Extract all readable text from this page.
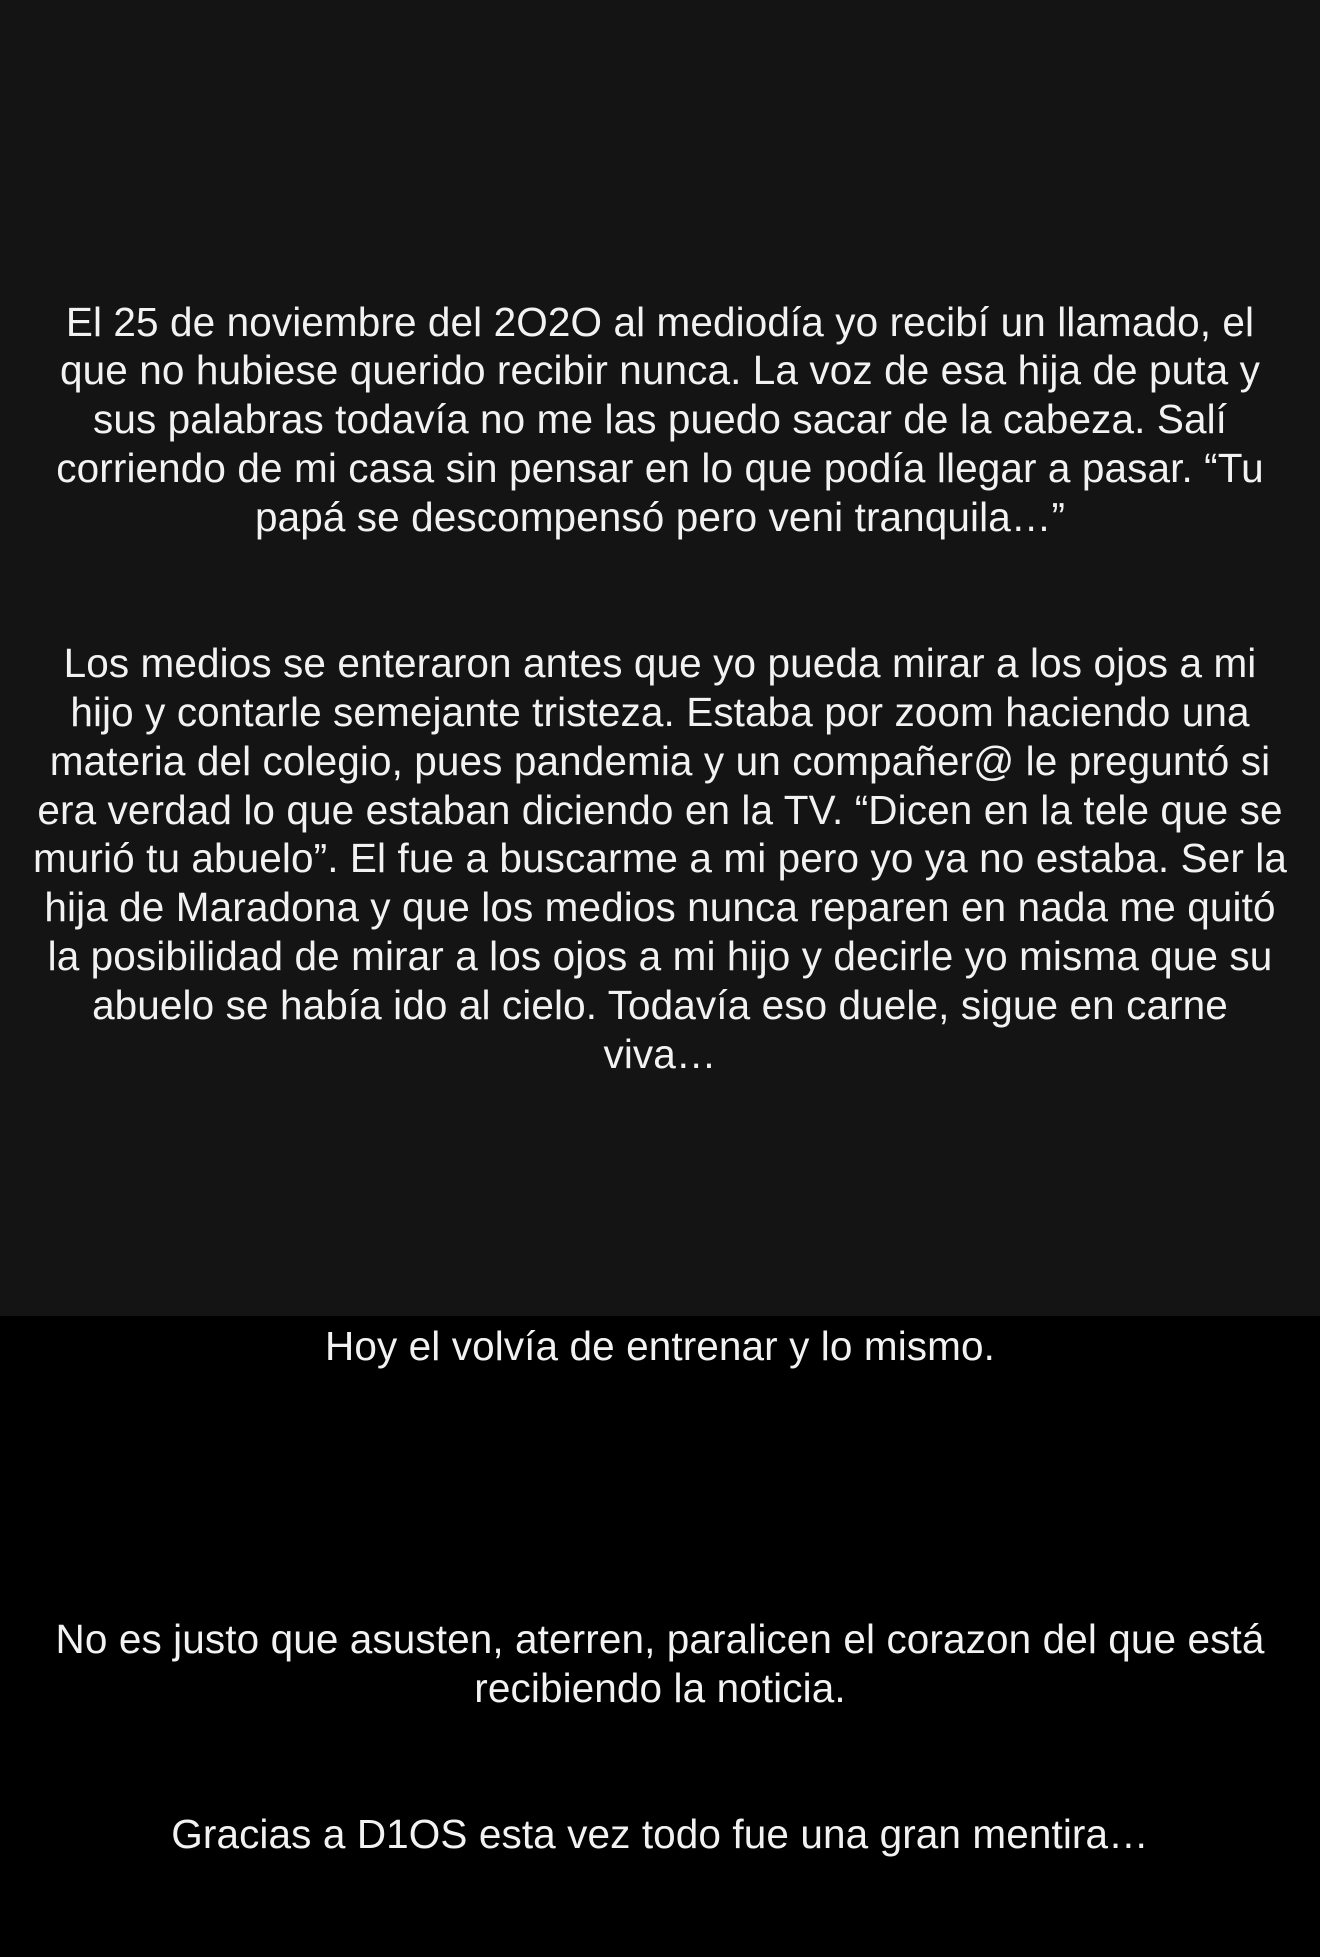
El 25 de noviembre del 2O2O al mediodía yo recibí un llamado, el que no hubiese querido recibir nunca. La voz de esa hija de puta y sus palabras todavía no me las puedo sacar de la cabeza. Salí corriendo de mi casa sin pensar en lo que podía llegar a pasar. “Tu papá se descompensó pero veni tranquila…”

Los medios se enteraron antes que yo pueda mirar a los ojos a mi hijo y contarle semejante tristeza. Estaba por zoom haciendo una materia del colegio, pues pandemia y un compañer@ le preguntó si era verdad lo que estaban diciendo en la TV. “Dicen en la tele que se murió tu abuelo”. El fue a buscarme a mi pero yo ya no estaba. Ser la hija de Maradona y que los medios nunca reparen en nada me quitó la posibilidad de mirar a los ojos a mi hijo y decirle yo misma que su abuelo se había ido al cielo. Todavía eso duele, sigue en carne viva…

Hoy el volvía de entrenar y lo mismo.

No es justo que asusten, aterren, paralicen el corazon del que está recibiendo la noticia.

Gracias a D1OS esta vez todo fue una gran mentira…
